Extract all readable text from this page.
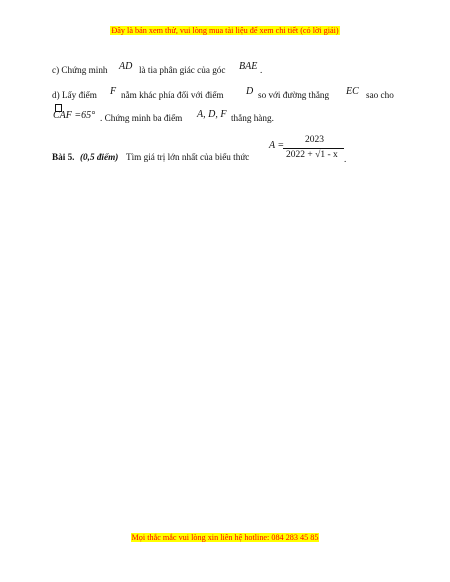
Đây là bản xem thử, vui lòng mua tài liệu để xem chi tiết (có lời giải)
c) Chứng minh AD là tia phân giác của góc BAE .
d) Lấy điểm F nằm khác phía đối với điểm D so với đường thẳng EC sao cho
CAF =65° . Chứng minh ba điểm A, D, F thẳng hàng.
Bài 5. (0,5 điểm) Tìm giá trị lớn nhất của biểu thức
A = 2023
2022 + √1 - x .
Mọi thắc mắc vui lòng xin liên hệ hotline: 084 283 45 85
